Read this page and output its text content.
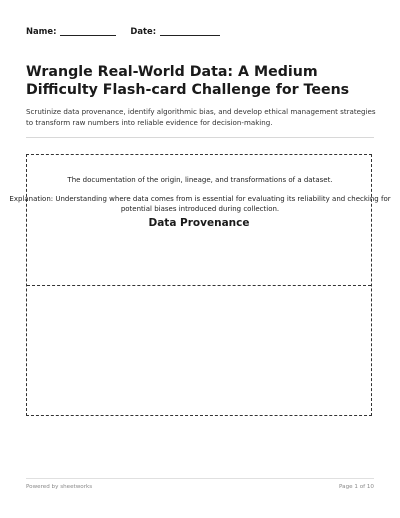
Name:	Date:
Wrangle Real-World Data: A Medium Difficulty Flash-card Challenge for Teens

Scrutinize data provenance, identify algorithmic bias, and develop ethical management strategies to transform raw numbers into reliable evidence for decision-making.

Data Provenance

The documentation of the origin, lineage, and transformations of a dataset.

Explanation: Understanding where data comes from is essential for evaluating its reliability and checking for potential biases introduced during collection.

Powered by sheetworks	Page 1 of 10
